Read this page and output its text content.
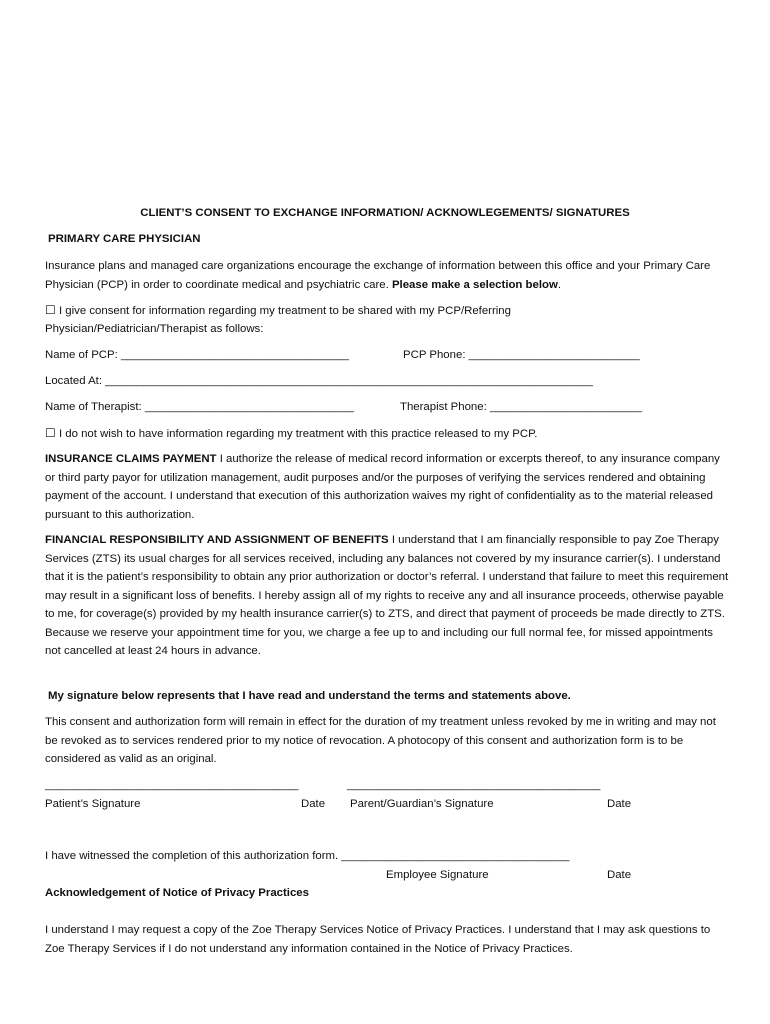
CLIENT’S CONSENT TO EXCHANGE INFORMATION/ ACKNOWLEGEMENTS/ SIGNATURES
PRIMARY CARE PHYSICIAN
Insurance plans and managed care organizations encourage the exchange of information between this office and your Primary Care Physician (PCP) in order to coordinate medical and psychiatric care. Please make a selection below.
☐ I give consent for information regarding my treatment to be shared with my PCP/Referring
Physician/Pediatrician/Therapist as follows:
Name of PCP: ____________________________________	PCP Phone: ___________________________
Located At: _____________________________________________________________________________
Name of Therapist: _________________________________	Therapist Phone: ________________________
☐ I do not wish to have information regarding my treatment with this practice released to my PCP.
INSURANCE CLAIMS PAYMENT I authorize the release of medical record information or excerpts thereof, to any insurance company or third party payor for utilization management, audit purposes and/or the purposes of verifying the services rendered and obtaining payment of the account. I understand that execution of this authorization waives my right of confidentiality as to the material released pursuant to this authorization.
FINANCIAL RESPONSIBILITY AND ASSIGNMENT OF BENEFITS I understand that I am financially responsible to pay Zoe Therapy Services (ZTS) its usual charges for all services received, including any balances not covered by my insurance carrier(s). I understand that it is the patient’s responsibility to obtain any prior authorization or doctor’s referral. I understand that failure to meet this requirement may result in a significant loss of benefits. I hereby assign all of my rights to receive any and all insurance proceeds, otherwise payable to me, for coverage(s) provided by my health insurance carrier(s) to ZTS, and direct that payment of proceeds be made directly to ZTS. Because we reserve your appointment time for you, we charge a fee up to and including our full normal fee, for missed appointments not cancelled at least 24 hours in advance.
My signature below represents that I have read and understand the terms and statements above.
This consent and authorization form will remain in effect for the duration of my treatment unless revoked by me in writing and may not be revoked as to services rendered prior to my notice of revocation. A photocopy of this consent and authorization form is to be considered as valid as an original.
________________________________________	________________________________________
Patient’s Signature	Date Parent/Guardian’s Signature	Date
I have witnessed the completion of this authorization form. ____________________________________
Employee Signature	Date
Acknowledgement of Notice of Privacy Practices
I understand I may request a copy of the Zoe Therapy Services Notice of Privacy Practices. I understand that I may ask questions to Zoe Therapy Services if I do not understand any information contained in the Notice of Privacy Practices.
